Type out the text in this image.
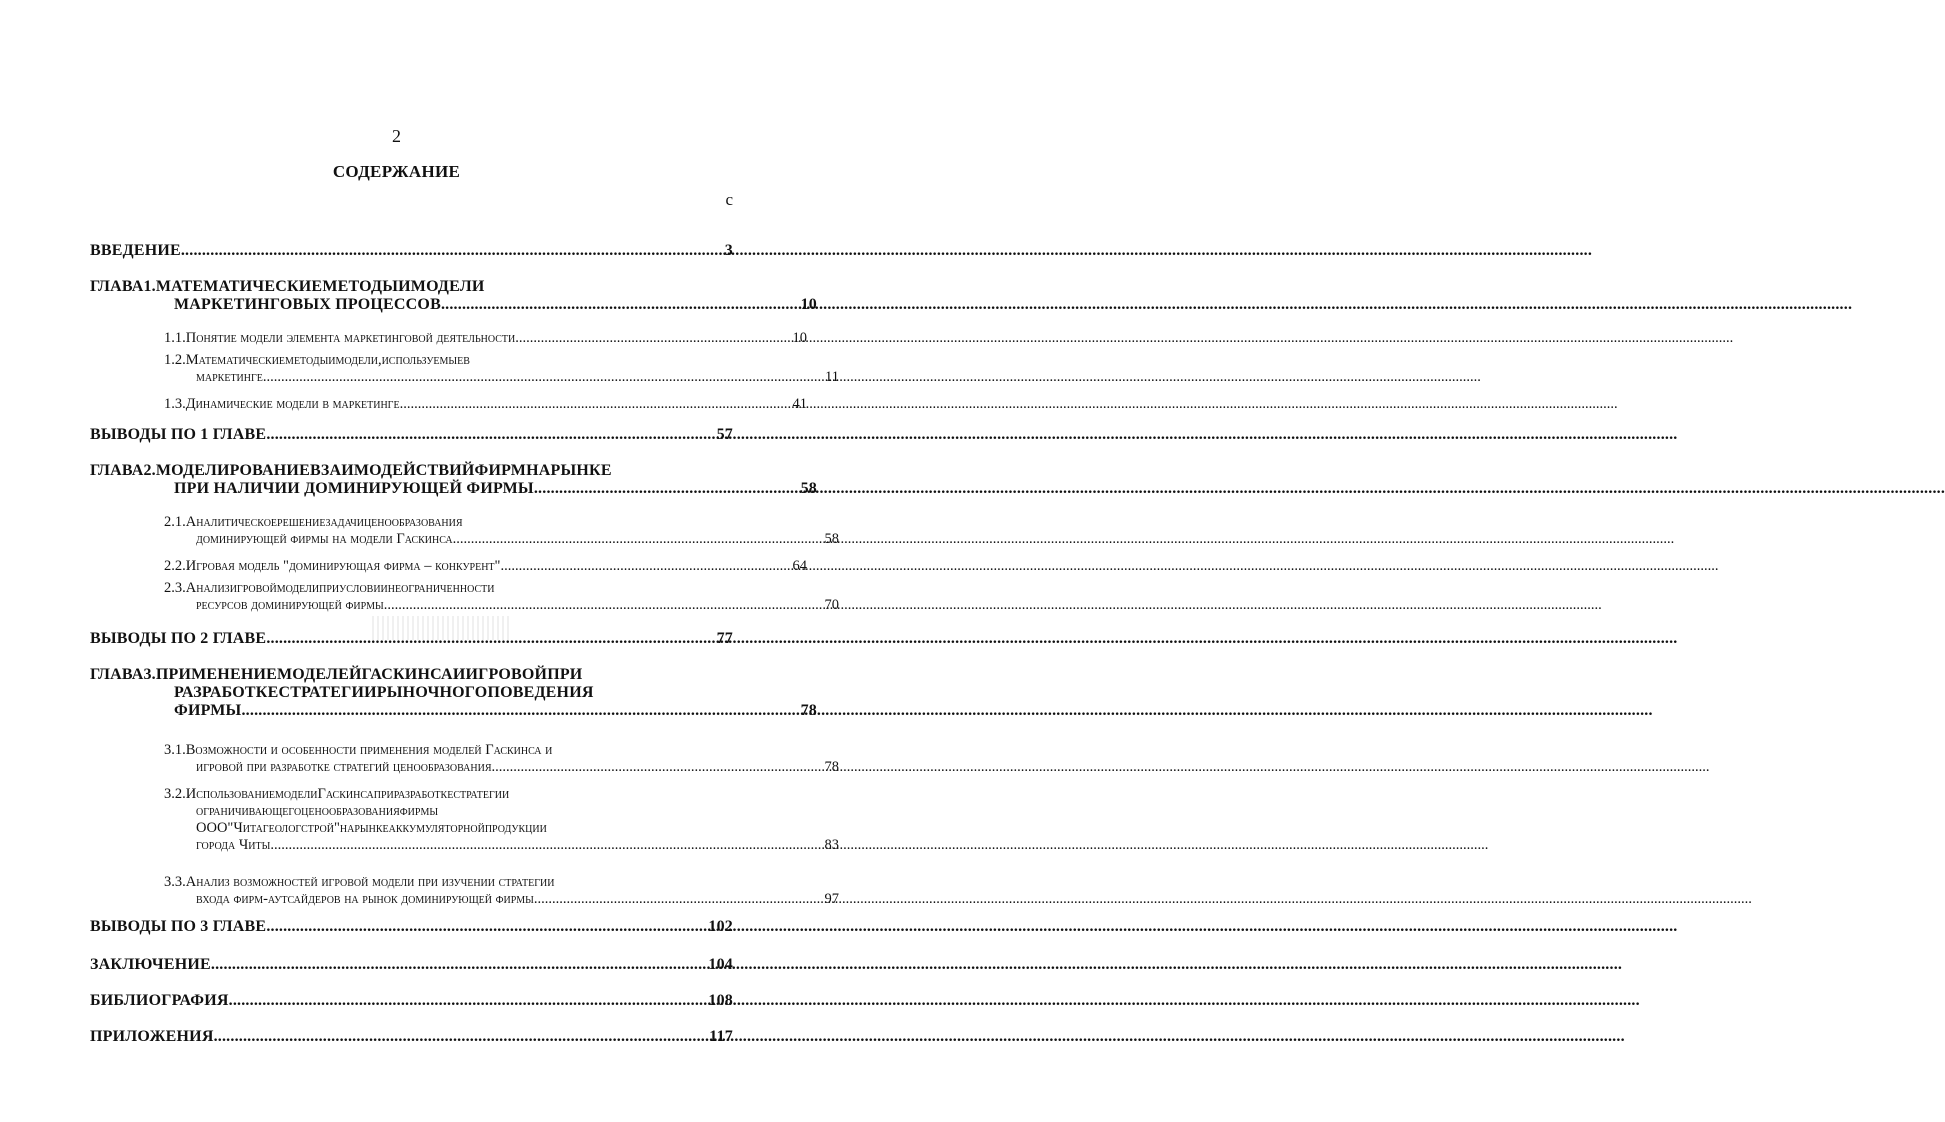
2
СОДЕРЖАНИЕ
с
ВВЕДЕНИЕ .....	3
ГЛАВА1.МАТЕМАТИЧЕСКИЕ МЕТОДЫ И МОДЕЛИ
МАРКЕТИНГОВЫХ ПРОЦЕССОВ .....	10
1.1.Понятие модели элемента маркетинговой деятельности .....	10
1.2.Математические методы и модели, используемые в
маркетинге .....	11
1.3.Динамические модели в маркетинге .....	41
ВЫВОДЫ ПО 1 ГЛАВЕ .....	57
ГЛАВА2.МОДЕЛИРОВАНИЕ ВЗАИМОДЕЙСТВИЙ ФИРМ НА РЫНКЕ
ПРИ НАЛИЧИИ ДОМИНИРУЮЩЕЙ ФИРМЫ .....	58
2.1.Аналитическое решение задачи ценообразования
доминирующей фирмы на модели Гаскинса. .....	58
2.2.Игровая модель "доминирующая фирма – конкурент" .....	64
2.3.Анализ игровой модели при условии неограниченности
ресурсов доминирующей фирмы .....	70
ВЫВОДЫ ПО 2 ГЛАВЕ .....	77
ГЛАВА3.ПРИМЕНЕНИЕ МОДЕЛЕЙ ГАСКИНСА И ИГРОВОЙ ПРИ
РАЗРАБОТКЕ СТРАТЕГИИ РЫНОЧНОГО ПОВЕДЕНИЯ
ФИРМЫ .....	78
3.1.Возможности и особенности применения моделей Гаскинса и
игровой при разработке стратегий ценообразования .....	78
3.2.Использование модели Гаскинса при разработке стратегии
ограничивающего ценообразования фирмы
ООО"Читагеологстрой" на рынке аккумуляторной продукции
города Читы .....	83
3.3.Анализ возможностей игровой модели при изучении стратегии
входа фирм-аутсайдеров на рынок доминирующей фирмы .....	97
ВЫВОДЫ ПО 3 ГЛАВЕ .....	102
ЗАКЛЮЧЕНИЕ .....	104
БИБЛИОГРАФИЯ .....	108
ПРИЛОЖЕНИЯ .....	117
